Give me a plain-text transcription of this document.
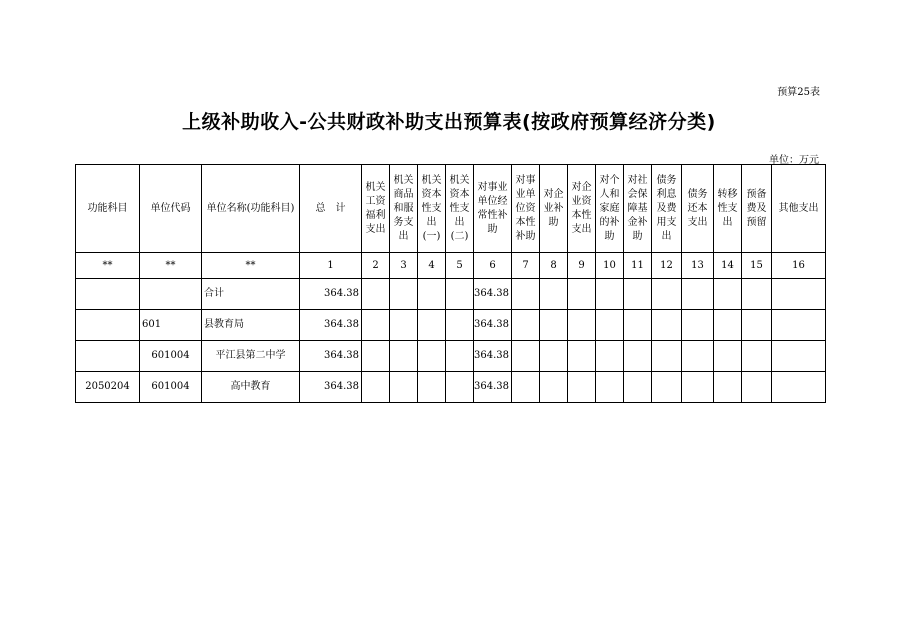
预算25表
上级补助收入-公共财政补助支出预算表(按政府预算经济分类)
单位：万元
功能科目	单位代码	单位名称(功能科目)	总　计	机关工资福利支出	机关商品和服务支出	机关资本性支出(一)	机关资本性支出(二)	对事业单位经常性补助	对事业单位资本性补助	对企业补助	对企业资本性支出	对个人和家庭的补助	对社会保障基金补助	债务利息及费用支出	债务还本支出	转移性支出	预备费及预留	其他支出
**	**	**	1	2	3	4	5	6	7	8	9	10	11	12	13	14	15	16
		合计	364.38					364.38										
	601	县教育局	364.38					364.38										
	601004	平江县第二中学	364.38					364.38										
2050204	601004	高中教育	364.38					364.38										
